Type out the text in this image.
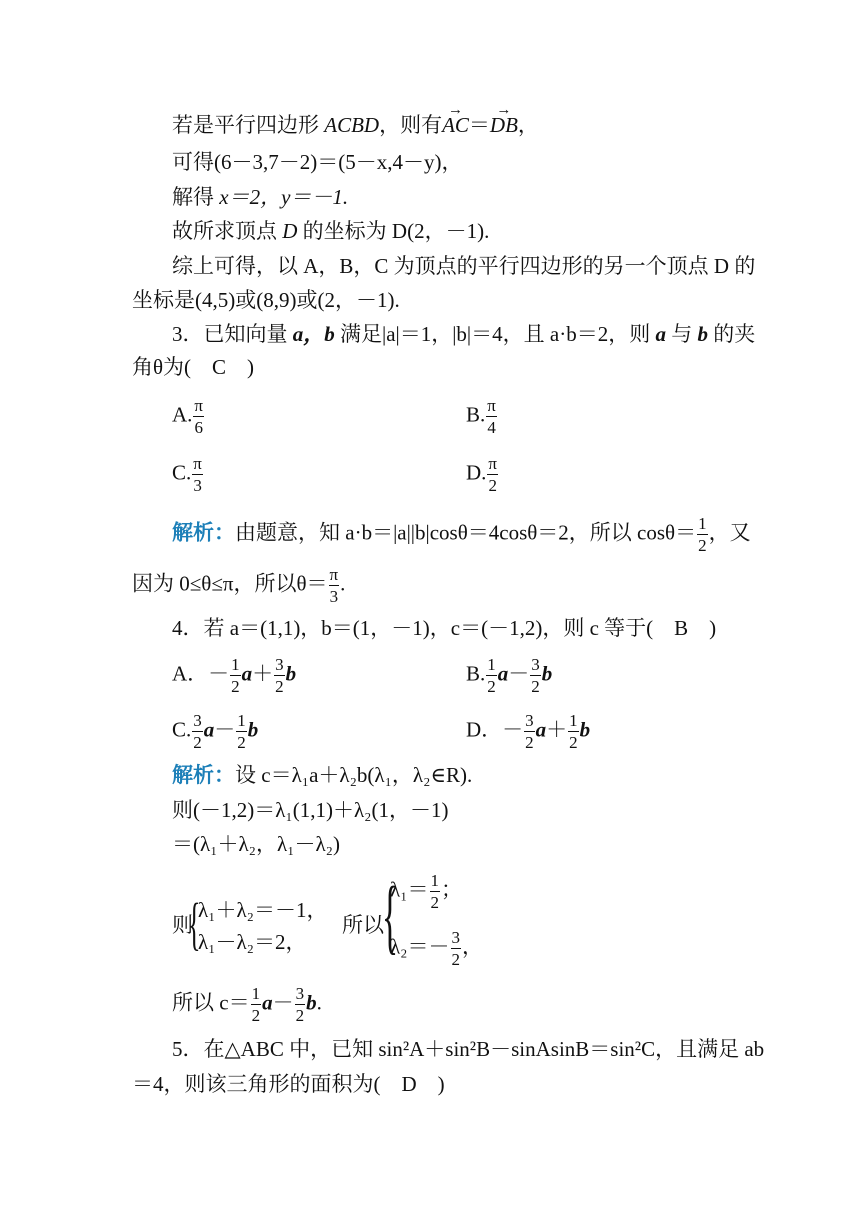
若是平行四边形 ACBD，则有→ AC＝→ DB，
可得(6－3,7－2)＝(5－x,4－y)，
解得 x＝2，y＝－1.
故所求顶点 D 的坐标为 D(2，－1).
综上可得，以 A，B，C 为顶点的平行四边形的另一个顶点 D 的
坐标是(4,5)或(8,9)或(2，－1).
3．已知向量 a，b 满足|a|＝1，|b|＝4，且 a·b＝2，则 a 与 b 的夹
角θ为(　C　)
A. $\frac{\pi}{6}$	B. $\frac{\pi}{4}$
C. $\frac{\pi}{3}$	D. $\frac{\pi}{2}$
解析：由题意，知 a·b＝|a||b|cosθ＝4cosθ＝2，所以 $\cos\theta= \frac{1}{2}$ ，又
因为 0≤θ≤π，所以$\theta= \frac{\pi}{3}$ .
4．若 a＝(1,1)，b＝(1，－1)，c＝(－1,2)，则 c 等于(　B　)
A．－ $\frac{1}{2} a+ \frac{3}{2}$ b	B. $\frac{1}{2} a- \frac{3}{2}$ b
C. $\frac{3}{2} a- \frac{1}{2}$ b	D．－ $\frac{3}{2} a+ \frac{1}{2}$ b
解析：设 c＝λ₁a＋λ₂b(λ₁，λ₂∈R).
则(－1,2)＝λ₁(1,1)＋λ₂(1，－1)
＝(λ₁＋λ₂，λ₁－λ₂)
则
{
λ₁＋λ₂＝－1，
λ₁－λ₂＝2，
所以
{
$\lambda_1= \frac{1}{2}$ ；
$\lambda_2=- \frac{3}{2}$ ，
所以 $c= \frac{1}{2} a- \frac{3}{2} b$.
5．在△ABC 中，已知 sin²A＋sin²B－sinAsinB＝sin²C，且满足 ab
＝4，则该三角形的面积为(　D　)
